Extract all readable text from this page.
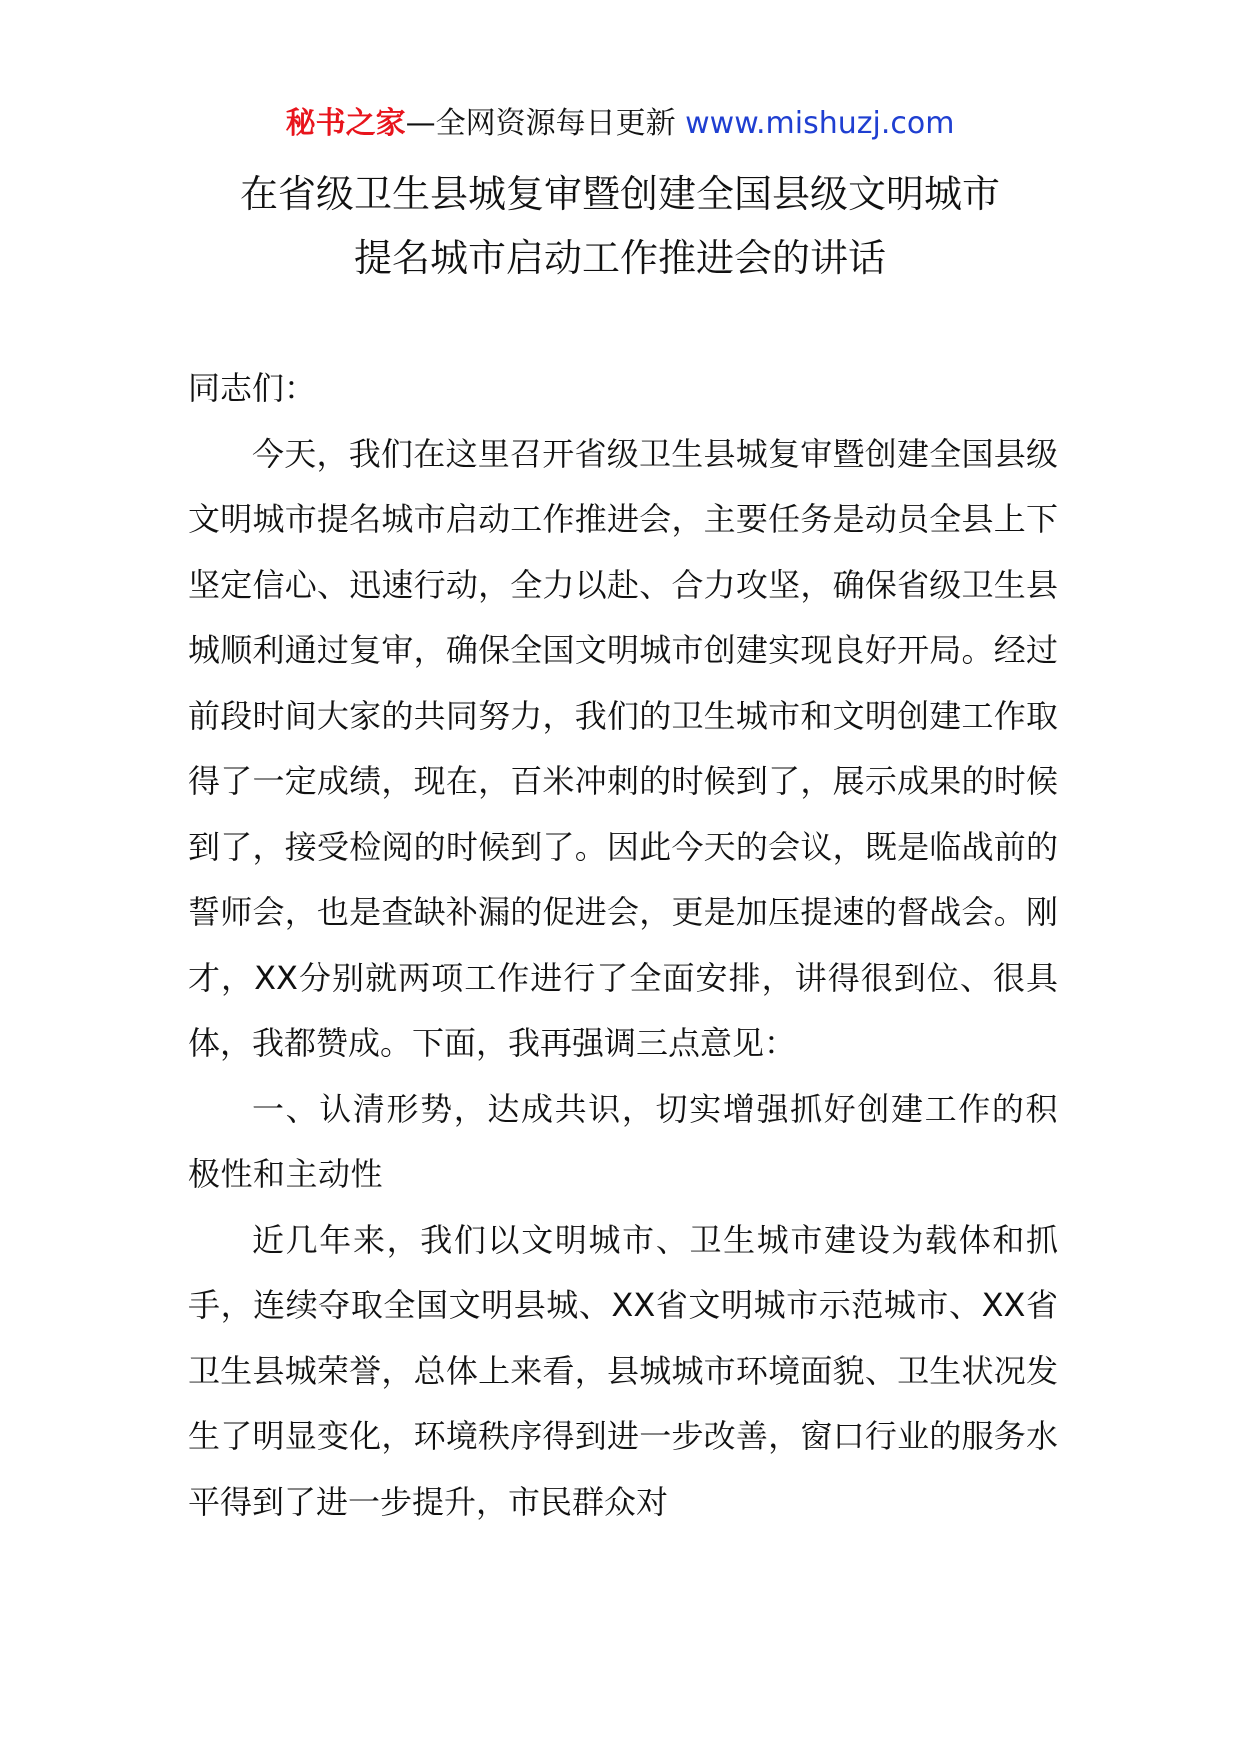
秘书之家—全网资源每日更新 www.mishuzj.com
在省级卫生县城复审暨创建全国县级文明城市
提名城市启动工作推进会的讲话

同志们：

今天，我们在这里召开省级卫生县城复审暨创建全国县级文明城市提名城市启动工作推进会，主要任务是动员全县上下坚定信心、迅速行动，全力以赴、合力攻坚，确保省级卫生县城顺利通过复审，确保全国文明城市创建实现良好开局。经过前段时间大家的共同努力，我们的卫生城市和文明创建工作取得了一定成绩，现在，百米冲刺的时候到了，展示成果的时候到了，接受检阅的时候到了。因此今天的会议，既是临战前的誓师会，也是查缺补漏的促进会，更是加压提速的督战会。刚才，XX分别就两项工作进行了全面安排，讲得很到位、很具体，我都赞成。下面，我再强调三点意见：

一、认清形势，达成共识，切实增强抓好创建工作的积极性和主动性

近几年来，我们以文明城市、卫生城市建设为载体和抓手，连续夺取全国文明县城、XX省文明城市示范城市、XX省卫生县城荣誉，总体上来看，县城城市环境面貌、卫生状况发生了明显变化，环境秩序得到进一步改善，窗口行业的服务水平得到了进一步提升，市民群众对
